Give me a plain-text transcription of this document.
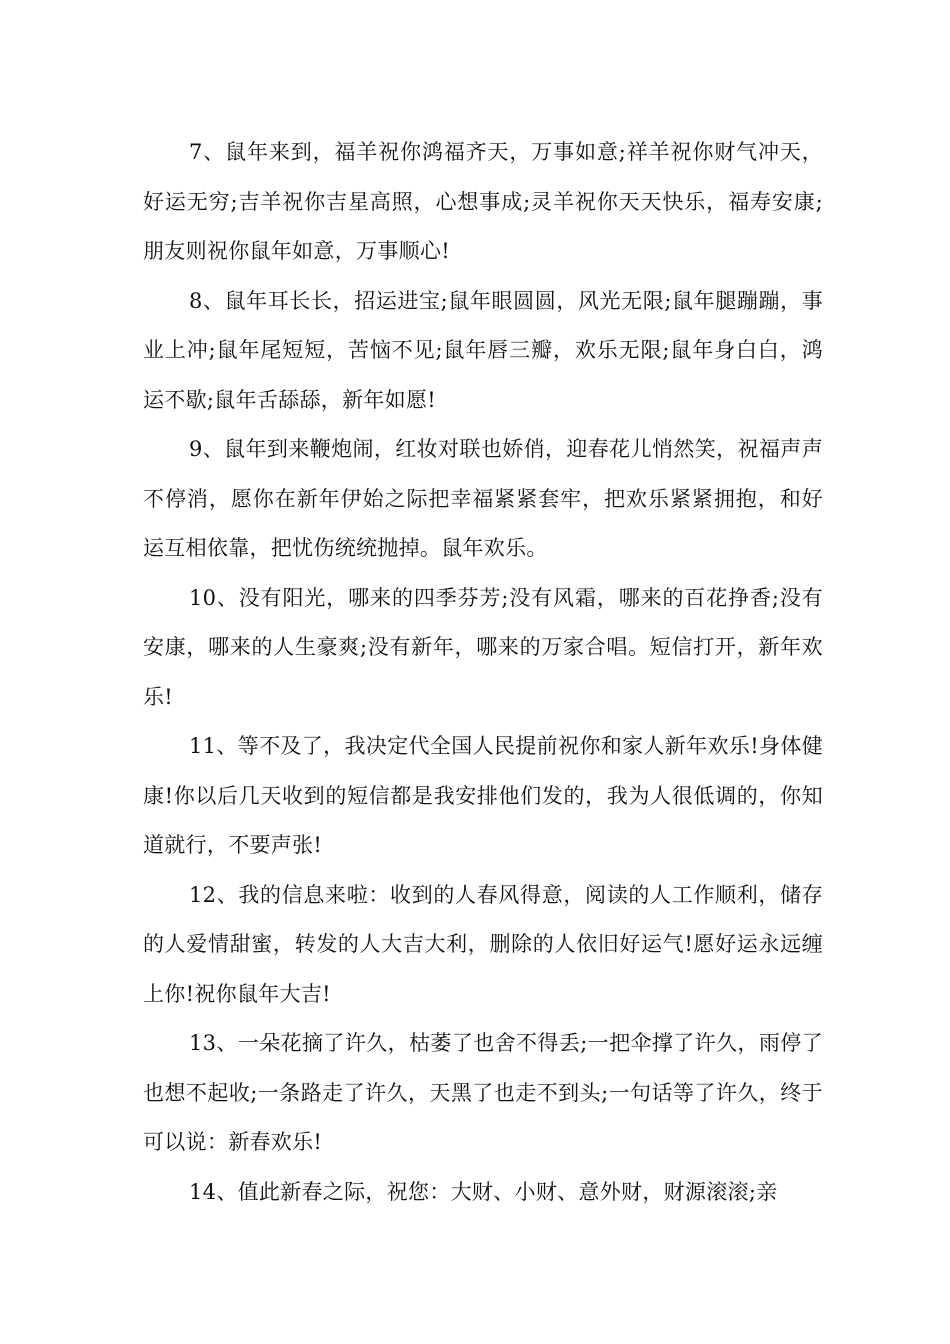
7、鼠年来到，福羊祝你鸿福齐天，万事如意;祥羊祝你财气冲天，好运无穷;吉羊祝你吉星高照，心想事成;灵羊祝你天天快乐，福寿安康;朋友则祝你鼠年如意，万事顺心!

8、鼠年耳长长，招运进宝;鼠年眼圆圆，风光无限;鼠年腿蹦蹦，事业上冲;鼠年尾短短，苦恼不见;鼠年唇三瓣，欢乐无限;鼠年身白白，鸿运不歇;鼠年舌舔舔，新年如愿!

9、鼠年到来鞭炮闹，红妆对联也娇俏，迎春花儿悄然笑，祝福声声不停消，愿你在新年伊始之际把幸福紧紧套牢，把欢乐紧紧拥抱，和好运互相依靠，把忧伤统统抛掉。鼠年欢乐。

10、没有阳光，哪来的四季芬芳;没有风霜，哪来的百花挣香;没有安康，哪来的人生豪爽;没有新年，哪来的万家合唱。短信打开，新年欢乐!

11、等不及了，我决定代全国人民提前祝你和家人新年欢乐!身体健康!你以后几天收到的短信都是我安排他们发的，我为人很低调的，你知道就行，不要声张!

12、我的信息来啦：收到的人春风得意，阅读的人工作顺利，储存的人爱情甜蜜，转发的人大吉大利，删除的人依旧好运气!愿好运永远缠上你!祝你鼠年大吉!

13、一朵花摘了许久，枯萎了也舍不得丢;一把伞撑了许久，雨停了也想不起收;一条路走了许久，天黑了也走不到头;一句话等了许久，终于可以说：新春欢乐!

14、值此新春之际，祝您：大财、小财、意外财，财源滚滚;亲
